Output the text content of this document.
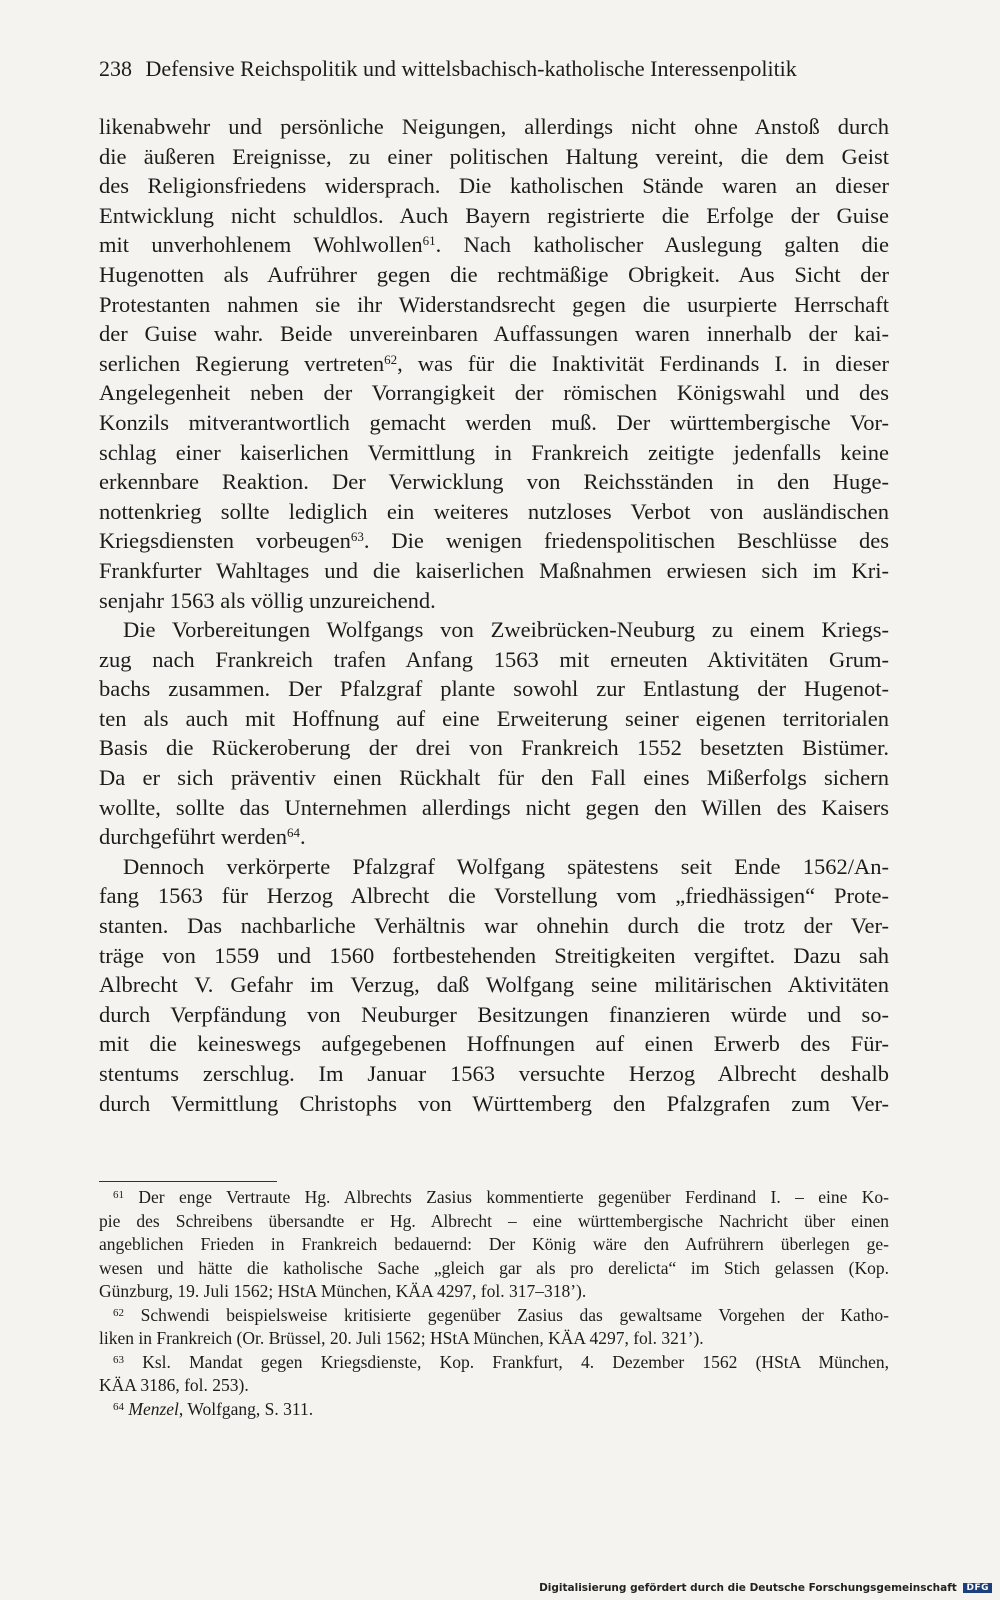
238 Defensive Reichspolitik und wittelsbachisch-katholische Interessenpolitik
likenabwehr und persönliche Neigungen, allerdings nicht ohne Anstoß durch
die äußeren Ereignisse, zu einer politischen Haltung vereint, die dem Geist
des Religionsfriedens widersprach. Die katholischen Stände waren an dieser
Entwicklung nicht schuldlos. Auch Bayern registrierte die Erfolge der Guise
mit unverhohlenem Wohlwollen$^{61}$. Nach katholischer Auslegung galten die
Hugenotten als Aufrührer gegen die rechtmäßige Obrigkeit. Aus Sicht der
Protestanten nahmen sie ihr Widerstandsrecht gegen die usurpierte Herrschaft
der Guise wahr. Beide unvereinbaren Auffassungen waren innerhalb der kai-
serlichen Regierung vertreten$^{62}$, was für die Inaktivität Ferdinands I. in dieser
Angelegenheit neben der Vorrangigkeit der römischen Königswahl und des
Konzils mitverantwortlich gemacht werden muß. Der württembergische Vor-
schlag einer kaiserlichen Vermittlung in Frankreich zeitigte jedenfalls keine
erkennbare Reaktion. Der Verwicklung von Reichsständen in den Huge-
nottenkrieg sollte lediglich ein weiteres nutzloses Verbot von ausländischen
Kriegsdiensten vorbeugen$^{63}$. Die wenigen friedenspolitischen Beschlüsse des
Frankfurter Wahltages und die kaiserlichen Maßnahmen erwiesen sich im Kri-
senjahr 1563 als völlig unzureichend.
Die Vorbereitungen Wolfgangs von Zweibrücken-Neuburg zu einem Kriegs-
zug nach Frankreich trafen Anfang 1563 mit erneuten Aktivitäten Grum-
bachs zusammen. Der Pfalzgraf plante sowohl zur Entlastung der Hugenot-
ten als auch mit Hoffnung auf eine Erweiterung seiner eigenen territorialen
Basis die Rückeroberung der drei von Frankreich 1552 besetzten Bistümer.
Da er sich präventiv einen Rückhalt für den Fall eines Mißerfolgs sichern
wollte, sollte das Unternehmen allerdings nicht gegen den Willen des Kaisers
durchgeführt werden$^{64}$.
Dennoch verkörperte Pfalzgraf Wolfgang spätestens seit Ende 1562/An-
fang 1563 für Herzog Albrecht die Vorstellung vom „friedhässigen“ Prote-
stanten. Das nachbarliche Verhältnis war ohnehin durch die trotz der Ver-
träge von 1559 und 1560 fortbestehenden Streitigkeiten vergiftet. Dazu sah
Albrecht V. Gefahr im Verzug, daß Wolfgang seine militärischen Aktivitäten
durch Verpfändung von Neuburger Besitzungen finanzieren würde und so-
mit die keineswegs aufgegebenen Hoffnungen auf einen Erwerb des Für-
stentums zerschlug. Im Januar 1563 versuchte Herzog Albrecht deshalb
durch Vermittlung Christophs von Württemberg den Pfalzgrafen zum Ver-
$^{61}$ Der enge Vertraute Hg. Albrechts Zasius kommentierte gegenüber Ferdinand I. – eine Ko-
pie des Schreibens übersandte er Hg. Albrecht – eine württembergische Nachricht über einen
angeblichen Frieden in Frankreich bedauernd: Der König wäre den Aufrührern überlegen ge-
wesen und hätte die katholische Sache „gleich gar als pro derelicta“ im Stich gelassen (Kop.
Günzburg, 19. Juli 1562; HStA München, KÄA 4297, fol. 317–318’).
$^{62}$ Schwendi beispielsweise kritisierte gegenüber Zasius das gewaltsame Vorgehen der Katho-
liken in Frankreich (Or. Brüssel, 20. Juli 1562; HStA München, KÄA 4297, fol. 321’).
$^{63}$ Ksl. Mandat gegen Kriegsdienste, Kop. Frankfurt, 4. Dezember 1562 (HStA München,
KÄA 3186, fol. 253).
$^{64}$ Menzel, Wolfgang, S. 311.
Digitalisierung gefördert durch die Deutsche Forschungsgemeinschaft DFG
